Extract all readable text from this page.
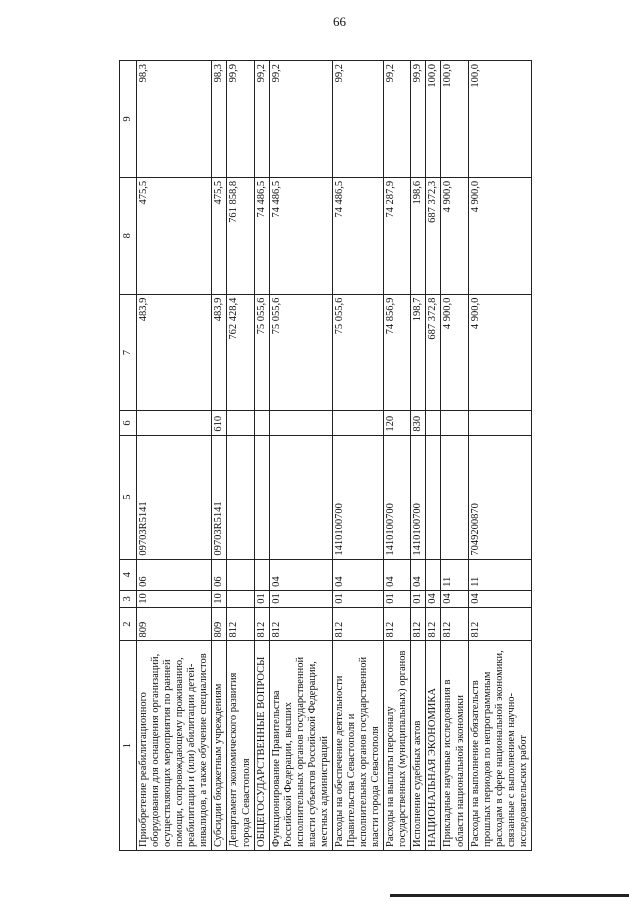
66
1	2	3	4	5	6	7	8	9
Приобретение реабилитационного оборудования для оснащения организаций, осуществляющих мероприятия по ранней помощи, сопровождающему проживанию, реабилитации и (или) абилитации детей-инвалидов, а также обучение специалистов	809	10	06	09703R5141		483,9	475,5	98,3
Субсидии бюджетным учреждениям	809	10	06	09703R5141	610	483,9	475,5	98,3
Департамент экономического развития города Севастополя	812					762 428,4	761 858,8	99,9
ОБЩЕГОСУДАРСТВЕННЫЕ ВОПРОСЫ	812	01				75 055,6	74 486,5	99,2
Функционирование Правительства Российской Федерации, высших исполнительных органов государственной власти субъектов Российской Федерации, местных администраций	812	01	04			75 055,6	74 486,5	99,2
Расходы на обеспечение деятельности Правительства Севастополя и исполнительных органов государственной власти города Севастополя	812	01	04	1410100700		75 055,6	74 486,5	99,2
Расходы на выплаты персоналу государственных (муниципальных) органов	812	01	04	1410100700	120	74 856,9	74 287,9	99,2
Исполнение судебных актов	812	01	04	1410100700	830	198,7	198,6	99,9
НАЦИОНАЛЬНАЯ ЭКОНОМИКА	812	04				687 372,8	687 372,3	100,0
Прикладные научные исследования в области национальной экономики	812	04	11			4 900,0	4 900,0	100,0
Расходы на выполнение обязательств прошлых периодов по непрограммным расходам в сфере национальной экономики, связанные с выполнением научно-исследовательских работ	812	04	11	7049200870		4 900,0	4 900,0	100,0
